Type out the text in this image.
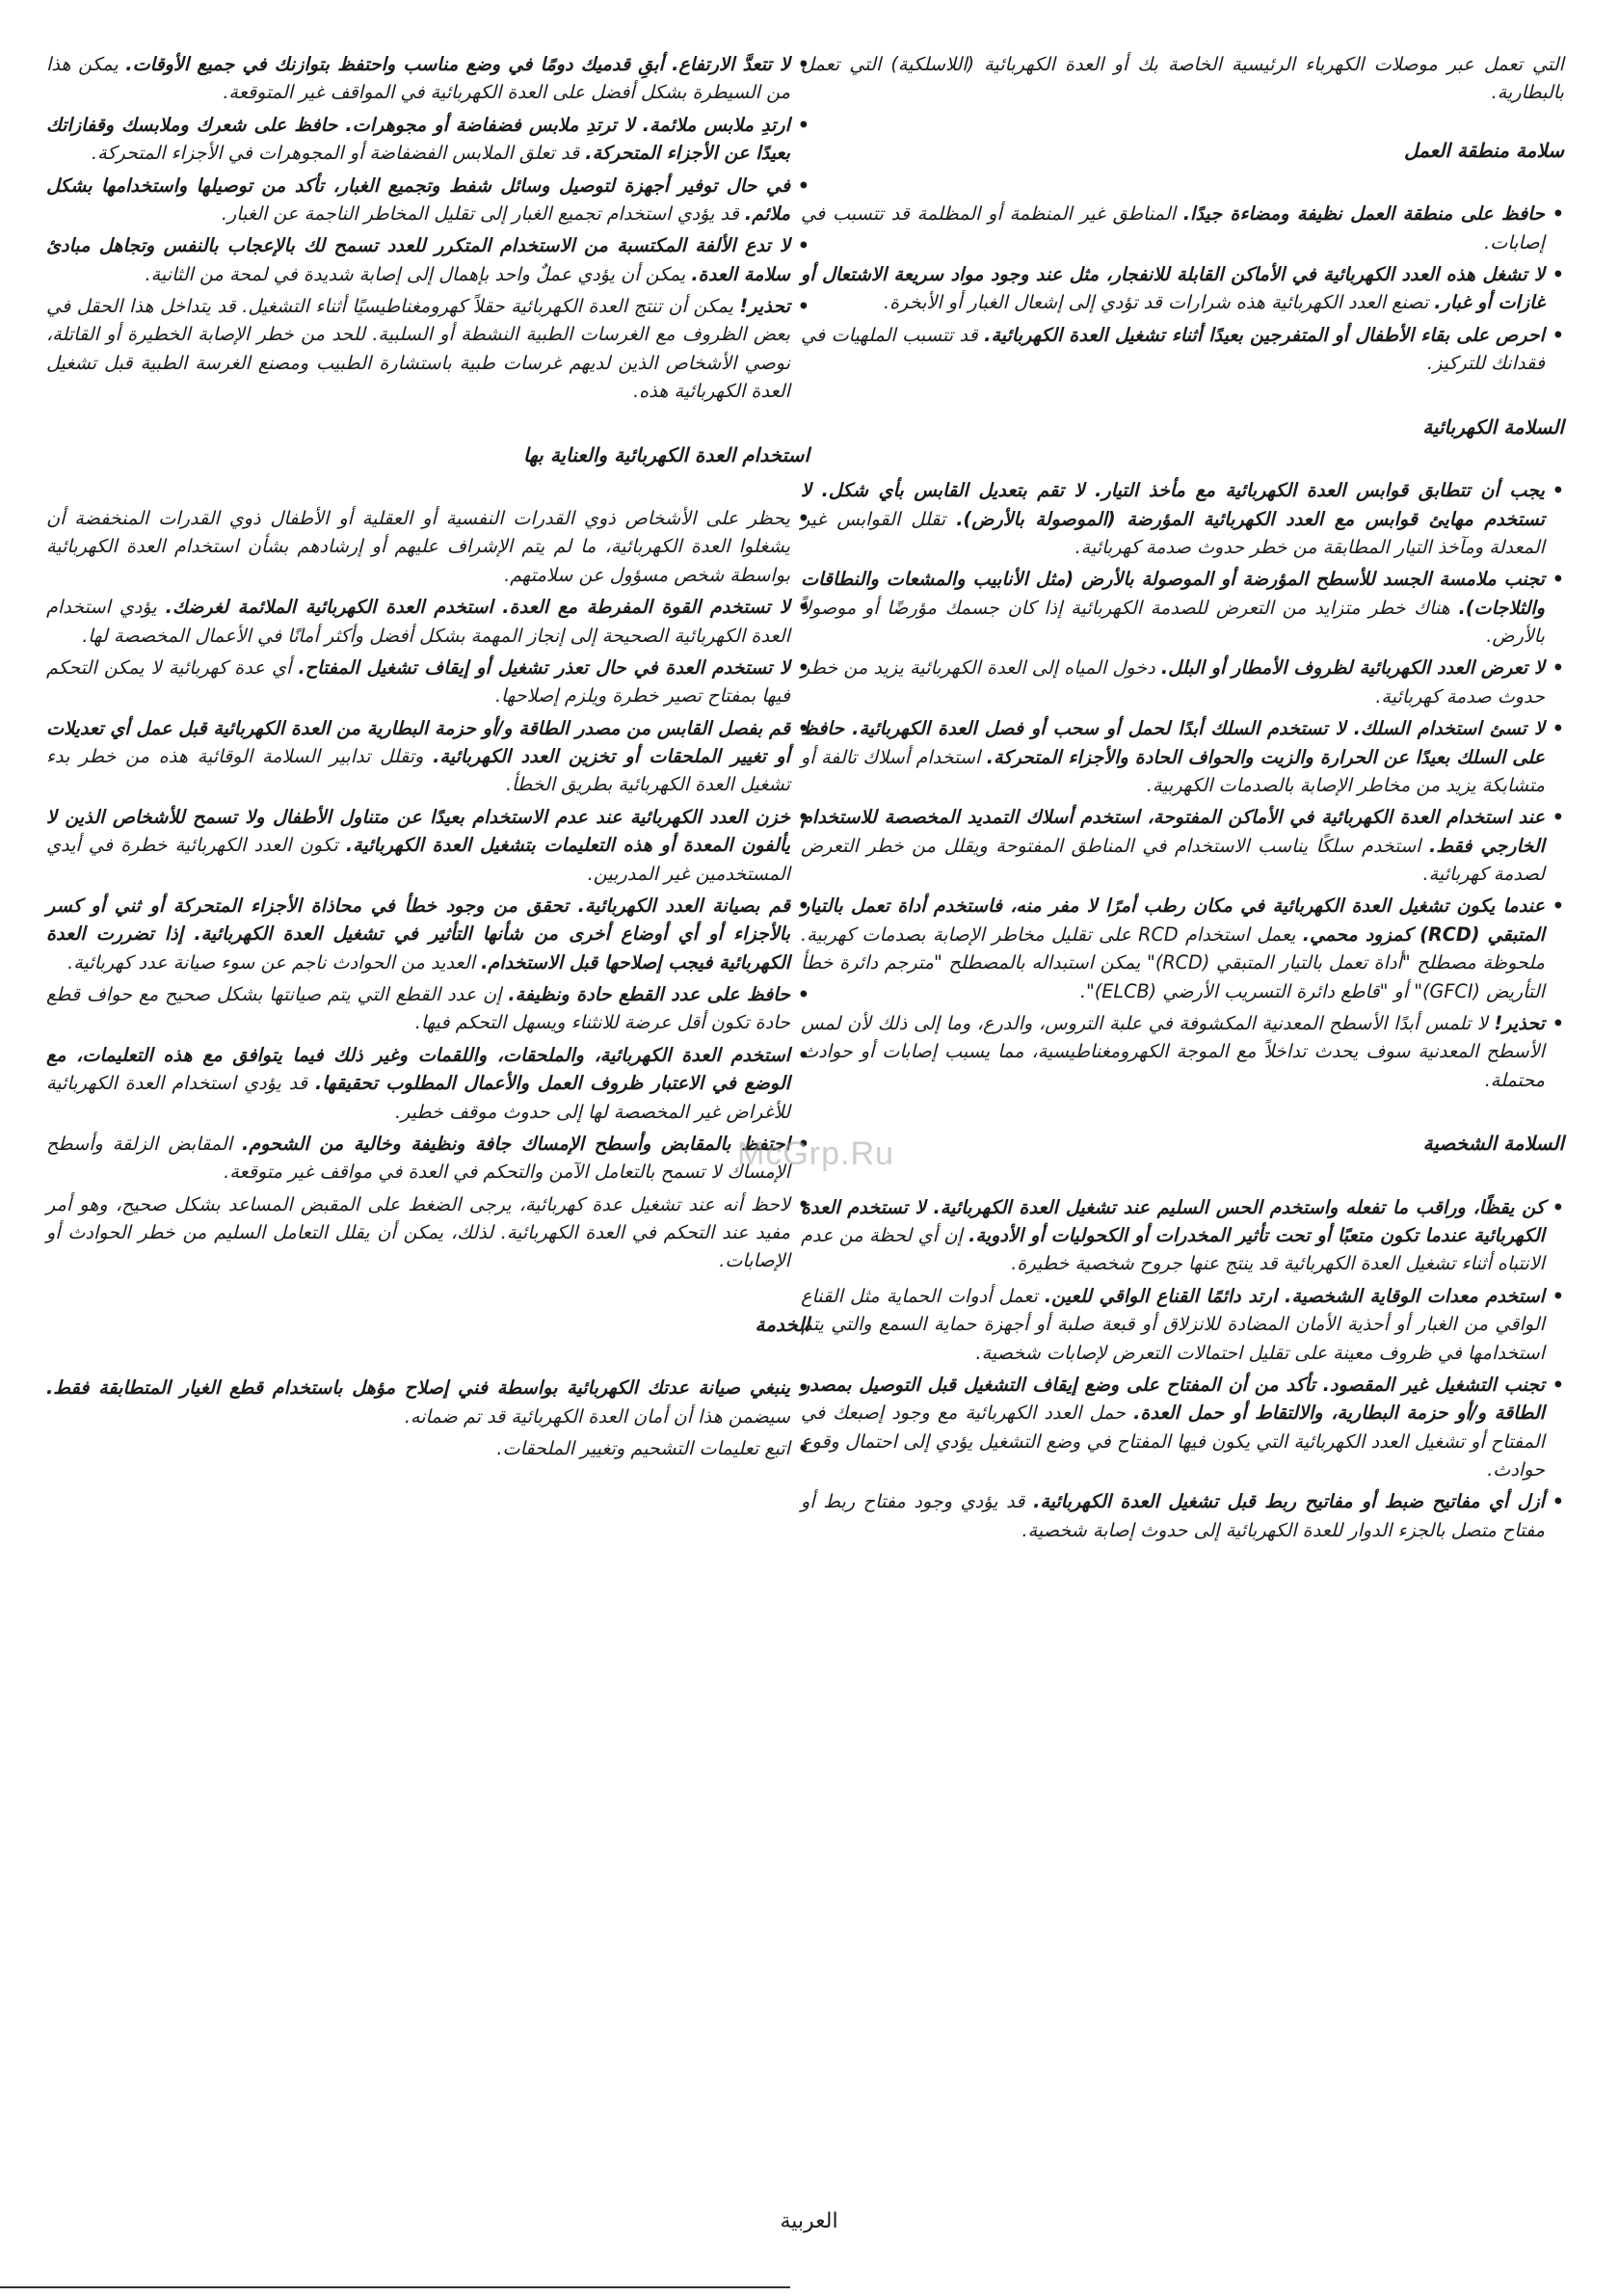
التي تعمل عبر موصلات الكهرباء الرئيسية الخاصة بك أو العدة الكهربائية (اللاسلكية) التي تعمل بالبطارية.

سلامة منطقة العمل
• حافظ على منطقة العمل نظيفة ومضاءة جيدًا. المناطق غير المنظمة أو المظلمة قد تتسبب في إصابات.
• لا تشغل هذه العدد الكهربائية في الأماكن القابلة للانفجار، مثل عند وجود مواد سريعة الاشتعال أو غازات أو غبار. تصنع العدد الكهربائية هذه شرارات قد تؤدي إلى إشعال الغبار أو الأبخرة.
• احرص على بقاء الأطفال أو المتفرجين بعيدًا أثناء تشغيل العدة الكهربائية. قد تتسبب الملهيات في فقدانك للتركيز.
السلامة الكهربائية
• يجب أن تتطابق قوابس العدة الكهربائية مع مأخذ التيار. لا تقم بتعديل القابس بأي شكل. لا تستخدم مهايئ قوابس مع العدد الكهربائية المؤرضة (الموصولة بالأرض). تقلل القوابس غير المعدلة ومآخذ التيار المطابقة من خطر حدوث صدمة كهربائية.
• تجنب ملامسة الجسد للأسطح المؤرضة أو الموصولة بالأرض (مثل الأنابيب والمشعات والنطاقات والثلاجات). هناك خطر متزايد من التعرض للصدمة الكهربائية إذا كان جسمك مؤرضًا أو موصولاً بالأرض.
• لا تعرض العدد الكهربائية لظروف الأمطار أو البلل. دخول المياه إلى العدة الكهربائية يزيد من خطر حدوث صدمة كهربائية.
• لا تسئ استخدام السلك. لا تستخدم السلك أبدًا لحمل أو سحب أو فصل العدة الكهربائية. حافظ على السلك بعيدًا عن الحرارة والزيت والحواف الحادة والأجزاء المتحركة. استخدام أسلاك تالفة أو متشابكة يزيد من مخاطر الإصابة بالصدمات الكهربية.
• عند استخدام العدة الكهربائية في الأماكن المفتوحة، استخدم أسلاك التمديد المخصصة للاستخدام الخارجي فقط. استخدم سلكًا يناسب الاستخدام في المناطق المفتوحة ويقلل من خطر التعرض لصدمة كهربائية.
• عندما يكون تشغيل العدة الكهربائية في مكان رطب أمرًا لا مفر منه، فاستخدم أداة تعمل بالتيار المتبقي (RCD) كمزود محمي. يعمل استخدام RCD على تقليل مخاطر الإصابة بصدمات كهربية. ملحوظة مصطلح "أداة تعمل بالتيار المتبقي (RCD)" يمكن استبداله بالمصطلح "مترجم دائرة خطأ التأريض (GFCI)" أو "قاطع دائرة التسريب الأرضي (ELCB)".
• تحذير! لا تلمس أبدًا الأسطح المعدنية المكشوفة في علبة التروس، والدرع، وما إلى ذلك لأن لمس الأسطح المعدنية سوف يحدث تداخلاً مع الموجة الكهرومغناطيسية، مما يسبب إصابات أو حوادث محتملة.
السلامة الشخصية
• كن يقظًا، وراقب ما تفعله واستخدم الحس السليم عند تشغيل العدة الكهربائية. لا تستخدم العدة الكهربائية عندما تكون متعبًا أو تحت تأثير المخدرات أو الكحوليات أو الأدوية. إن أي لحظة من عدم الانتباه أثناء تشغيل العدة الكهربائية قد ينتج عنها جروح شخصية خطيرة.
• استخدم معدات الوقاية الشخصية. ارتد دائمًا القناع الواقي للعين. تعمل أدوات الحماية مثل القناع الواقي من الغبار أو أحذية الأمان المضادة للانزلاق أو قبعة صلبة أو أجهزة حماية السمع والتي يتم استخدامها في ظروف معينة على تقليل احتمالات التعرض لإصابات شخصية.
• تجنب التشغيل غير المقصود. تأكد من أن المفتاح على وضع إيقاف التشغيل قبل التوصيل بمصدر الطاقة و/أو حزمة البطارية، والالتقاط أو حمل العدة. حمل العدد الكهربائية مع وجود إصبعك في المفتاح أو تشغيل العدد الكهربائية التي يكون فيها المفتاح في وضع التشغيل يؤدي إلى احتمال وقوع حوادث.
• أزل أي مفاتيح ضبط أو مفاتيح ربط قبل تشغيل العدة الكهربائية. قد يؤدي وجود مفتاح ربط أو مفتاح متصل بالجزء الدوار للعدة الكهربائية إلى حدوث إصابة شخصية.
• لا تتعدَّ الارتفاع. أبقِ قدميك دومًا في وضع مناسب واحتفظ بتوازنك في جميع الأوقات. يمكن هذا من السيطرة بشكل أفضل على العدة الكهربائية في المواقف غير المتوقعة.
• ارتدِ ملابس ملائمة. لا ترتدِ ملابس فضفاضة أو مجوهرات. حافظ على شعرك وملابسك وقفازاتك بعيدًا عن الأجزاء المتحركة. قد تعلق الملابس الفضفاضة أو المجوهرات في الأجزاء المتحركة.
• في حال توفير أجهزة لتوصيل وسائل شفط وتجميع الغبار، تأكد من توصيلها واستخدامها بشكل ملائم. قد يؤدي استخدام تجميع الغبار إلى تقليل المخاطر الناجمة عن الغبار.
• لا تدع الألفة المكتسبة من الاستخدام المتكرر للعدد تسمح لك بالإعجاب بالنفس وتجاهل مبادئ سلامة العدة. يمكن أن يؤدي عملٌ واحد بإهمال إلى إصابة شديدة في لمحة من الثانية.
• تحذير! يمكن أن تنتج العدة الكهربائية حقلاً كهرومغناطيسيًا أثناء التشغيل. قد يتداخل هذا الحقل في بعض الظروف مع الغرسات الطبية النشطة أو السلبية. للحد من خطر الإصابة الخطيرة أو القاتلة، نوصي الأشخاص الذين لديهم غرسات طبية باستشارة الطبيب ومصنع الغرسة الطبية قبل تشغيل العدة الكهربائية هذه.
استخدام العدة الكهربائية والعناية بها
• يحظر على الأشخاص ذوي القدرات النفسية أو العقلية أو الأطفال ذوي القدرات المنخفضة أن يشغلوا العدة الكهربائية، ما لم يتم الإشراف عليهم أو إرشادهم بشأن استخدام العدة الكهربائية بواسطة شخص مسؤول عن سلامتهم.
• لا تستخدم القوة المفرطة مع العدة. استخدم العدة الكهربائية الملائمة لغرضك. يؤدي استخدام العدة الكهربائية الصحيحة إلى إنجاز المهمة بشكل أفضل وأكثر أمانًا في الأعمال المخصصة لها.
• لا تستخدم العدة في حال تعذر تشغيل أو إيقاف تشغيل المفتاح. أي عدة كهربائية لا يمكن التحكم فيها بمفتاح تصير خطرة ويلزم إصلاحها.
• قم بفصل القابس من مصدر الطاقة و/أو حزمة البطارية من العدة الكهربائية قبل عمل أي تعديلات أو تغيير الملحقات أو تخزين العدد الكهربائية. وتقلل تدابير السلامة الوقائية هذه من خطر بدء تشغيل العدة الكهربائية بطريق الخطأ.
• خزن العدد الكهربائية عند عدم الاستخدام بعيدًا عن متناول الأطفال ولا تسمح للأشخاص الذين لا يألفون المعدة أو هذه التعليمات بتشغيل العدة الكهربائية. تكون العدد الكهربائية خطرة في أيدي المستخدمين غير المدربين.
• قم بصيانة العدد الكهربائية. تحقق من وجود خطأ في محاذاة الأجزاء المتحركة أو ثني أو كسر بالأجزاء أو أي أوضاع أخرى من شأنها التأثير في تشغيل العدة الكهربائية. إذا تضررت العدة الكهربائية فيجب إصلاحها قبل الاستخدام. العديد من الحوادث ناجم عن سوء صيانة عدد كهربائية.
• حافظ على عدد القطع حادة ونظيفة. إن عدد القطع التي يتم صيانتها بشكل صحيح مع حواف قطع حادة تكون أقل عرضة للانثناء ويسهل التحكم فيها.
• استخدم العدة الكهربائية، والملحقات، واللقمات وغير ذلك فيما يتوافق مع هذه التعليمات، مع الوضع في الاعتبار ظروف العمل والأعمال المطلوب تحقيقها. قد يؤدي استخدام العدة الكهربائية للأغراض غير المخصصة لها إلى حدوث موقف خطير.
• احتفظ بالمقابض وأسطح الإمساك جافة ونظيفة وخالية من الشحوم. المقابض الزلقة وأسطح الإمساك لا تسمح بالتعامل الآمن والتحكم في العدة في مواقف غير متوقعة.
• لاحظ أنه عند تشغيل عدة كهربائية، يرجى الضغط على المقبض المساعد بشكل صحيح، وهو أمر مفيد عند التحكم في العدة الكهربائية. لذلك، يمكن أن يقلل التعامل السليم من خطر الحوادث أو الإصابات.
الخدمة
• ينبغي صيانة عدتك الكهربائية بواسطة فني إصلاح مؤهل باستخدام قطع الغيار المتطابقة فقط. سيضمن هذا أن أمان العدة الكهربائية قد تم ضمانه.
• اتبع تعليمات التشحيم وتغيير الملحقات.
McGrp.Ru
العربية
